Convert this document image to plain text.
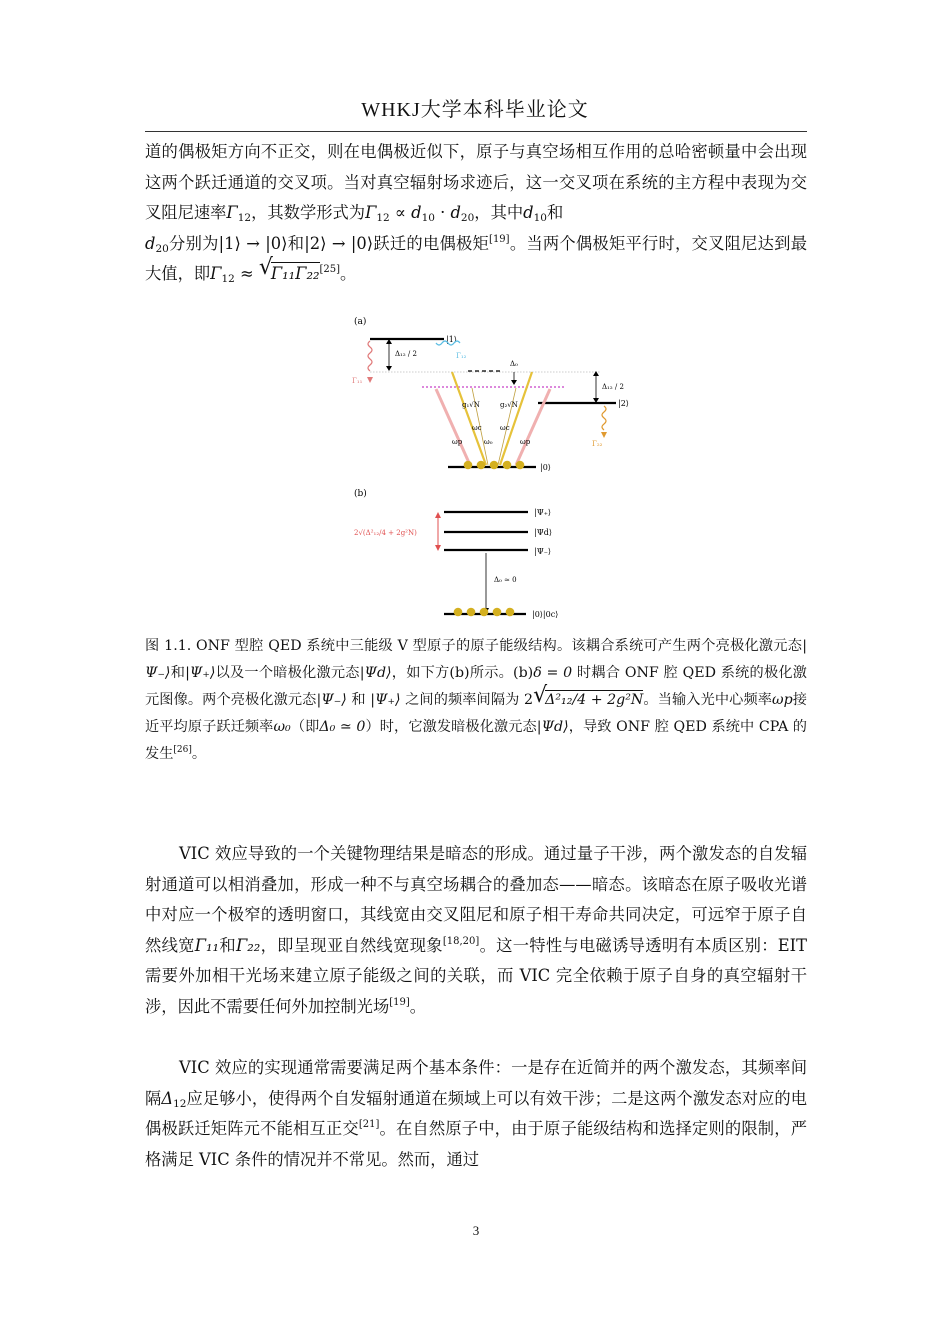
WHKJ大学本科毕业论文

道的偶极矩方向不正交，则在电偶极近似下，原子与真空场相互作用的总哈密顿量中会出现这两个跃迁通道的交叉项。当对真空辐射场求迹后，这一交叉项在系统的主方程中表现为交叉阻尼速率$\Gamma_{12}$，其数学形式为$\Gamma_{12} \propto d_{10} \cdot d_{20}$，其中$d_{10}$和
$d_{20}$分别为|1⟩ → |0⟩和|2⟩ → |0⟩跃迁的电偶极矩[19]。当两个偶极矩平行时，交叉阻尼达到最大值，即$\Gamma_{12}$ ≈ √
Γ₁₁Γ₂₂[25]。

(a)
|1⟩
Δ₁₂ / 2
Γ₁₁
Γ₁₂
Δ₀
|2⟩
Δ₁₂ / 2
Γ₂₂
g₁√N	g₂√N
ωc	ωc
ωp	ω₀	ωp
|0⟩
(b)
|Ψ₊⟩
|Ψd⟩
|Ψ₋⟩
2√(Δ²₁₂/4 + 2g²N)
Δ₀ ≃ 0
|0⟩|0c⟩

图 1.1. ONF 型腔 QED 系统中三能级 V 型原子的原子能级结构。该耦合系统可产生两个亮极化激元态|Ψ₋⟩和|Ψ₊⟩以及一个暗极化激元态|Ψd⟩，如下方(b)所示。(b)δ = 0 时耦合 ONF 腔 QED 系统的极化激元图像。两个亮极化激元态|Ψ₋⟩ 和 |Ψ₊⟩ 之间的频率间隔为 2 √
Δ²₁₂/4 + 2g²N。当输入光中心频率ωp接近平均原子跃迁频率ω₀（即Δ₀ ≃ 0）时，它激发暗极化激元态|Ψd⟩，导致 ONF 腔 QED 系统中 CPA 的发生[26]。

VIC 效应导致的一个关键物理结果是暗态的形成。通过量子干涉，两个激发态的自发辐射通道可以相消叠加，形成一种不与真空场耦合的叠加态——暗态。该暗态在原子吸收光谱中对应一个极窄的透明窗口，其线宽由交叉阻尼和原子相干寿命共同决定，可远窄于原子自然线宽Γ₁₁和Γ₂₂，即呈现亚自然线宽现象[18,20]。这一特性与电磁诱导透明有本质区别：EIT 需要外加相干光场来建立原子能级之间的关联，而 VIC 完全依赖于原子自身的真空辐射干涉，因此不需要任何外加控制光场[19]。

VIC 效应的实现通常需要满足两个基本条件：一是存在近简并的两个激发态，其频率间隔$\Delta_{12}$应足够小，使得两个自发辐射通道在频域上可以有效干涉；二是这两个激发态对应的电偶极跃迁矩阵元不能相互正交[21]。在自然原子中，由于原子能级结构和选择定则的限制，严格满足 VIC 条件的情况并不常见。然而，通过

3
